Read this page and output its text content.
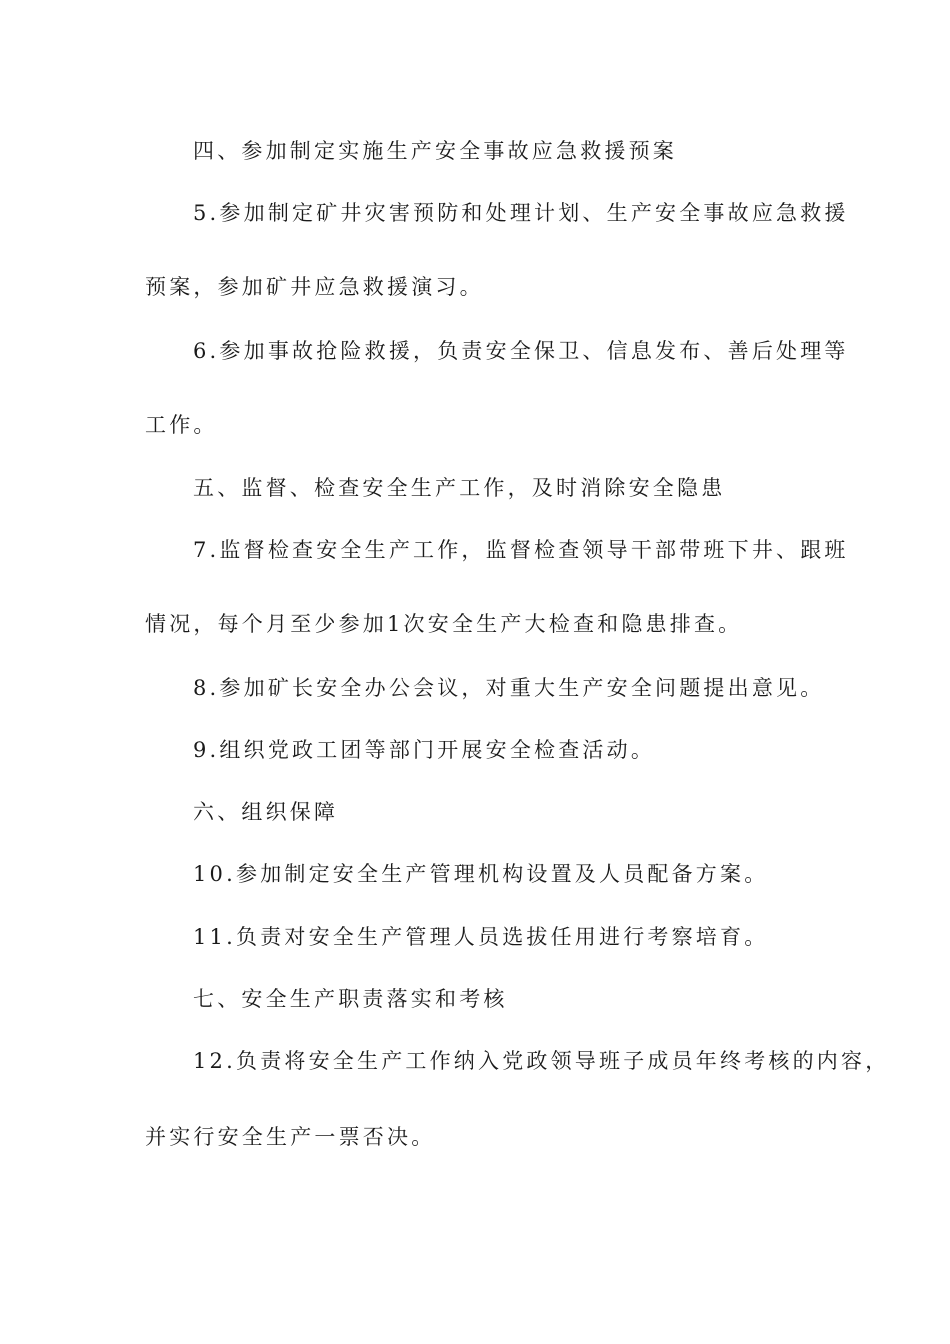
四、参加制定实施生产安全事故应急救援预案
5.参加制定矿井灾害预防和处理计划、生产安全事故应急救援
预案，参加矿井应急救援演习。
6.参加事故抢险救援，负责安全保卫、信息发布、善后处理等
工作。
五、监督、检查安全生产工作，及时消除安全隐患
7.监督检查安全生产工作，监督检查领导干部带班下井、跟班
情况，每个月至少参加1次安全生产大检查和隐患排查。
8.参加矿长安全办公会议，对重大生产安全问题提出意见。
9.组织党政工团等部门开展安全检查活动。
六、组织保障
10.参加制定安全生产管理机构设置及人员配备方案。
11.负责对安全生产管理人员选拔任用进行考察培育。
七、安全生产职责落实和考核
12.负责将安全生产工作纳入党政领导班子成员年终考核的内容，
并实行安全生产一票否决。
